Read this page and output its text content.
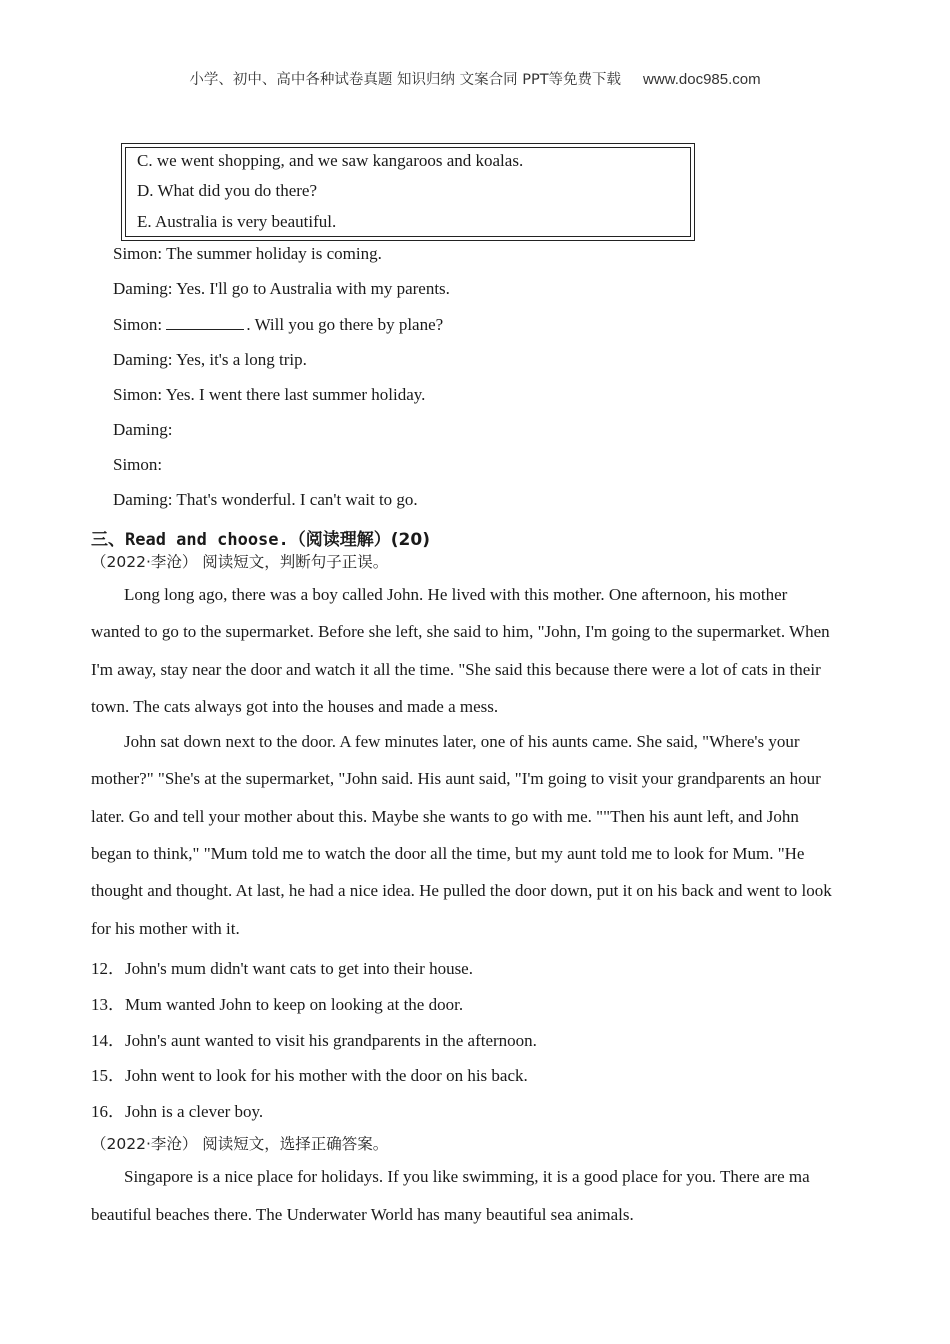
小学、初中、高中各种试卷真题 知识归纳 文案合同 PPT等免费下载 www.doc985.com
C. we went shopping, and we saw kangaroos and koalas.
D. What did you do there?
E. Australia is very beautiful.
Simon: The summer holiday is coming.
Daming: Yes. I'll go to Australia with my parents.
Simon:	. Will you go there by plane?
Daming: Yes, it's a long trip.
Simon: Yes. I went there last summer holiday.
Daming:
Simon:
Daming: That's wonderful. I can't wait to go.
三、Read and choose.（阅读理解）(20)
（2022·李沧） 阅读短文，判断句子正误。
Long long ago, there was a boy called John. He lived with this mother. One afternoon, his mother
wanted to go to the supermarket. Before she left, she said to him, "John, I'm going to the supermarket. When
I'm away, stay near the door and watch it all the time. "She said this because there were a lot of cats in their
town. The cats always got into the houses and made a mess.
John sat down next to the door. A few minutes later, one of his aunts came. She said, "Where's your
mother?" "She's at the supermarket, "John said. His aunt said, "I'm going to visit your grandparents an hour
later. Go and tell your mother about this. Maybe she wants to go with me. ""Then his aunt left, and John
began to think," "Mum told me to watch the door all the time, but my aunt told me to look for Mum. "He
thought and thought. At last, he had a nice idea. He pulled the door down, put it on his back and went to look
for his mother with it.
12．John's mum didn't want cats to get into their house.
13．Mum wanted John to keep on looking at the door.
14．John's aunt wanted to visit his grandparents in the afternoon.
15．John went to look for his mother with the door on his back.
16．John is a clever boy.
（2022·李沧） 阅读短文，选择正确答案。
Singapore is a nice place for holidays. If you like swimming, it is a good place for you. There are ma
beautiful beaches there. The Underwater World has many beautiful sea animals.
